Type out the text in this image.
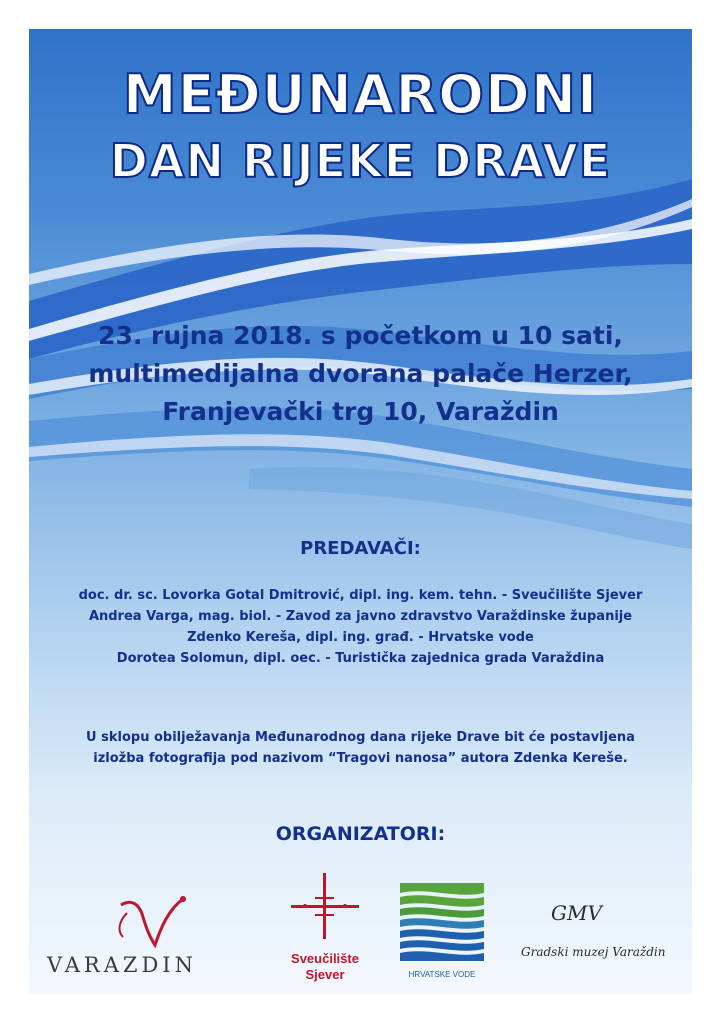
MEĐUNARODNI
DAN RIJEKE DRAVE
23. rujna 2018. s početkom u 10 sati,
multimedijalna dvorana palače Herzer,
Franjevački trg 10, Varaždin
PREDAVAČI:
doc. dr. sc. Lovorka Gotal Dmitrović, dipl. ing. kem. tehn. - Sveučilište Sjever
Andrea Varga, mag. biol. - Zavod za javno zdravstvo Varaždinske županije
Zdenko Kereša, dipl. ing. građ. - Hrvatske vode
Dorotea Solomun, dipl. oec. - Turistička zajednica grada Varaždina
U sklopu obilježavanja Međunarodnog dana rijeke Drave bit će postavljena
izložba fotografija pod nazivom “Tragovi nanosa” autora Zdenka Kereše.
ORGANIZATORI:
VARAZDIN	Sveučilište
Sjever	HRVATSKE VODE
GMV
Gradski muzej Varaždin
